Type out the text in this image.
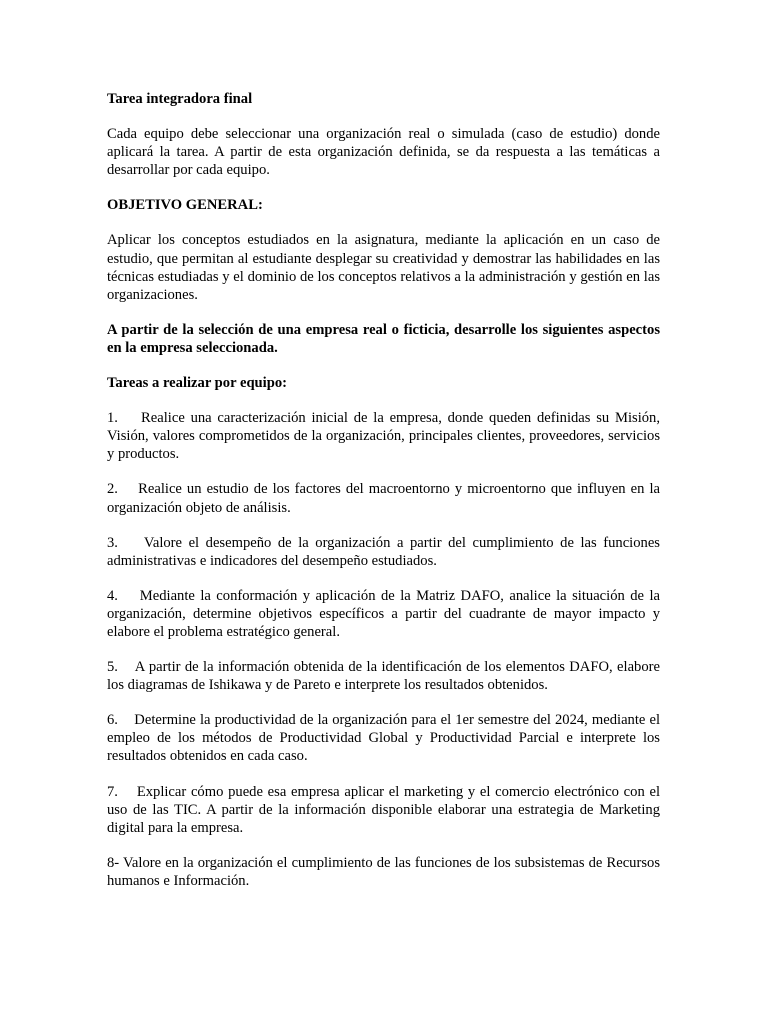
Tarea integradora final

Cada equipo debe seleccionar una organización real o simulada (caso de estudio) donde aplicará la tarea. A partir de esta organización definida, se da respuesta a las temáticas a desarrollar por cada equipo.

OBJETIVO GENERAL:

Aplicar los conceptos estudiados en la asignatura, mediante la aplicación en un caso de estudio, que permitan al estudiante desplegar su creatividad y demostrar las habilidades en las técnicas estudiadas y el dominio de los conceptos relativos a la administración y gestión en las organizaciones.

A partir de la selección de una empresa real o ficticia, desarrolle los siguientes aspectos en la empresa seleccionada.

Tareas a realizar por equipo:

1. Realice una caracterización inicial de la empresa, donde queden definidas su Misión, Visión, valores comprometidos de la organización, principales clientes, proveedores, servicios y productos.

2. Realice un estudio de los factores del macroentorno y microentorno que influyen en la organización objeto de análisis.

3. Valore el desempeño de la organización a partir del cumplimiento de las funciones administrativas e indicadores del desempeño estudiados.

4. Mediante la conformación y aplicación de la Matriz DAFO, analice la situación de la organización, determine objetivos específicos a partir del cuadrante de mayor impacto y elabore el problema estratégico general.

5. A partir de la información obtenida de la identificación de los elementos DAFO, elabore los diagramas de Ishikawa y de Pareto e interprete los resultados obtenidos.

6. Determine la productividad de la organización para el 1er semestre del 2024, mediante el empleo de los métodos de Productividad Global y Productividad Parcial e interprete los resultados obtenidos en cada caso.

7. Explicar cómo puede esa empresa aplicar el marketing y el comercio electrónico con el uso de las TIC. A partir de la información disponible elaborar una estrategia de Marketing digital para la empresa.

8- Valore en la organización el cumplimiento de las funciones de los subsistemas de Recursos humanos e Información.
